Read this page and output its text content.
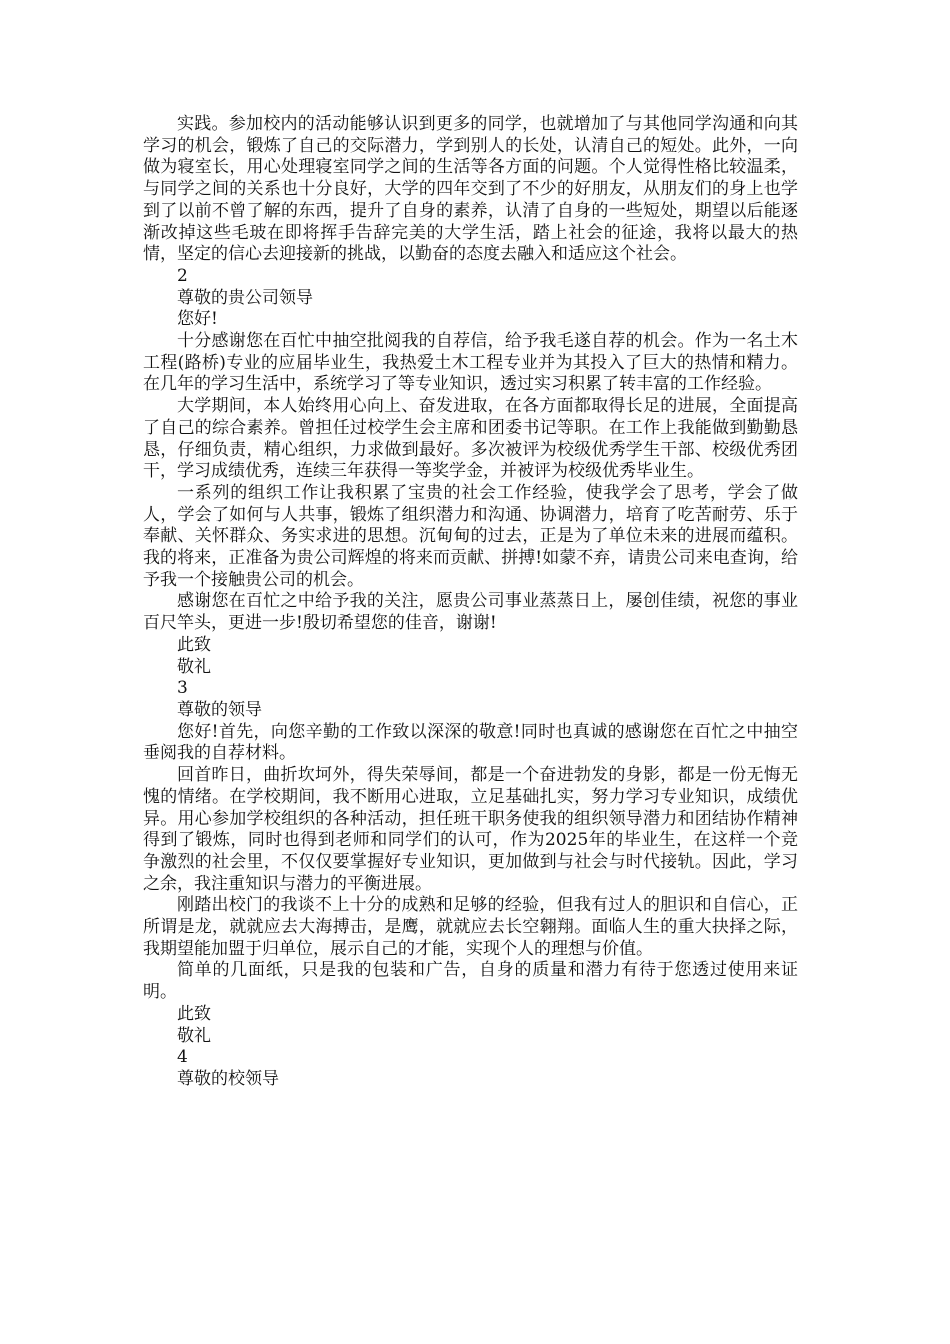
实践。参加校内的活动能够认识到更多的同学，也就增加了与其他同学沟通和向其学习的机会，锻炼了自己的交际潜力，学到别人的长处，认清自己的短处。此外，一向做为寝室长，用心处理寝室同学之间的生活等各方面的问题。个人觉得性格比较温柔，与同学之间的关系也十分良好，大学的四年交到了不少的好朋友，从朋友们的身上也学到了以前不曾了解的东西，提升了自身的素养，认清了自身的一些短处，期望以后能逐渐改掉这些毛玻在即将挥手告辞完美的大学生活，踏上社会的征途，我将以最大的热情，坚定的信心去迎接新的挑战，以勤奋的态度去融入和适应这个社会。

2

尊敬的贵公司领导

您好!

十分感谢您在百忙中抽空批阅我的自荐信，给予我毛遂自荐的机会。作为一名土木工程(路桥)专业的应届毕业生，我热爱土木工程专业并为其投入了巨大的热情和精力。在几年的学习生活中，系统学习了等专业知识，透过实习积累了转丰富的工作经验。

大学期间，本人始终用心向上、奋发进取，在各方面都取得长足的进展，全面提高了自己的综合素养。曾担任过校学生会主席和团委书记等职。在工作上我能做到勤勤恳恳，仔细负责，精心组织，力求做到最好。多次被评为校级优秀学生干部、校级优秀团干，学习成绩优秀，连续三年获得一等奖学金，并被评为校级优秀毕业生。

一系列的组织工作让我积累了宝贵的社会工作经验，使我学会了思考，学会了做人，学会了如何与人共事，锻炼了组织潜力和沟通、协调潜力，培育了吃苦耐劳、乐于奉献、关怀群众、务实求进的思想。沉甸甸的过去，正是为了单位未来的进展而蕴积。我的将来，正准备为贵公司辉煌的将来而贡献、拼搏!如蒙不弃，请贵公司来电查询，给予我一个接触贵公司的机会。

感谢您在百忙之中给予我的关注，愿贵公司事业蒸蒸日上，屡创佳绩，祝您的事业百尺竿头，更进一步!殷切希望您的佳音，谢谢!

此致

敬礼

3

尊敬的领导

您好!首先，向您辛勤的工作致以深深的敬意!同时也真诚的感谢您在百忙之中抽空垂阅我的自荐材料。

回首昨日，曲折坎坷外，得失荣辱间，都是一个奋进勃发的身影，都是一份无悔无愧的情绪。在学校期间，我不断用心进取，立足基础扎实，努力学习专业知识，成绩优异。用心参加学校组织的各种活动，担任班干职务使我的组织领导潜力和团结协作精神得到了锻炼，同时也得到老师和同学们的认可，作为2025年的毕业生，在这样一个竞争激烈的社会里，不仅仅要掌握好专业知识，更加做到与社会与时代接轨。因此，学习之余，我注重知识与潜力的平衡进展。

刚踏出校门的我谈不上十分的成熟和足够的经验，但我有过人的胆识和自信心，正所谓是龙，就就应去大海搏击，是鹰，就就应去长空翱翔。面临人生的重大抉择之际，我期望能加盟于归单位，展示自己的才能，实现个人的理想与价值。

简单的几面纸，只是我的包装和广告，自身的质量和潜力有待于您透过使用来证明。

此致

敬礼

4

尊敬的校领导
